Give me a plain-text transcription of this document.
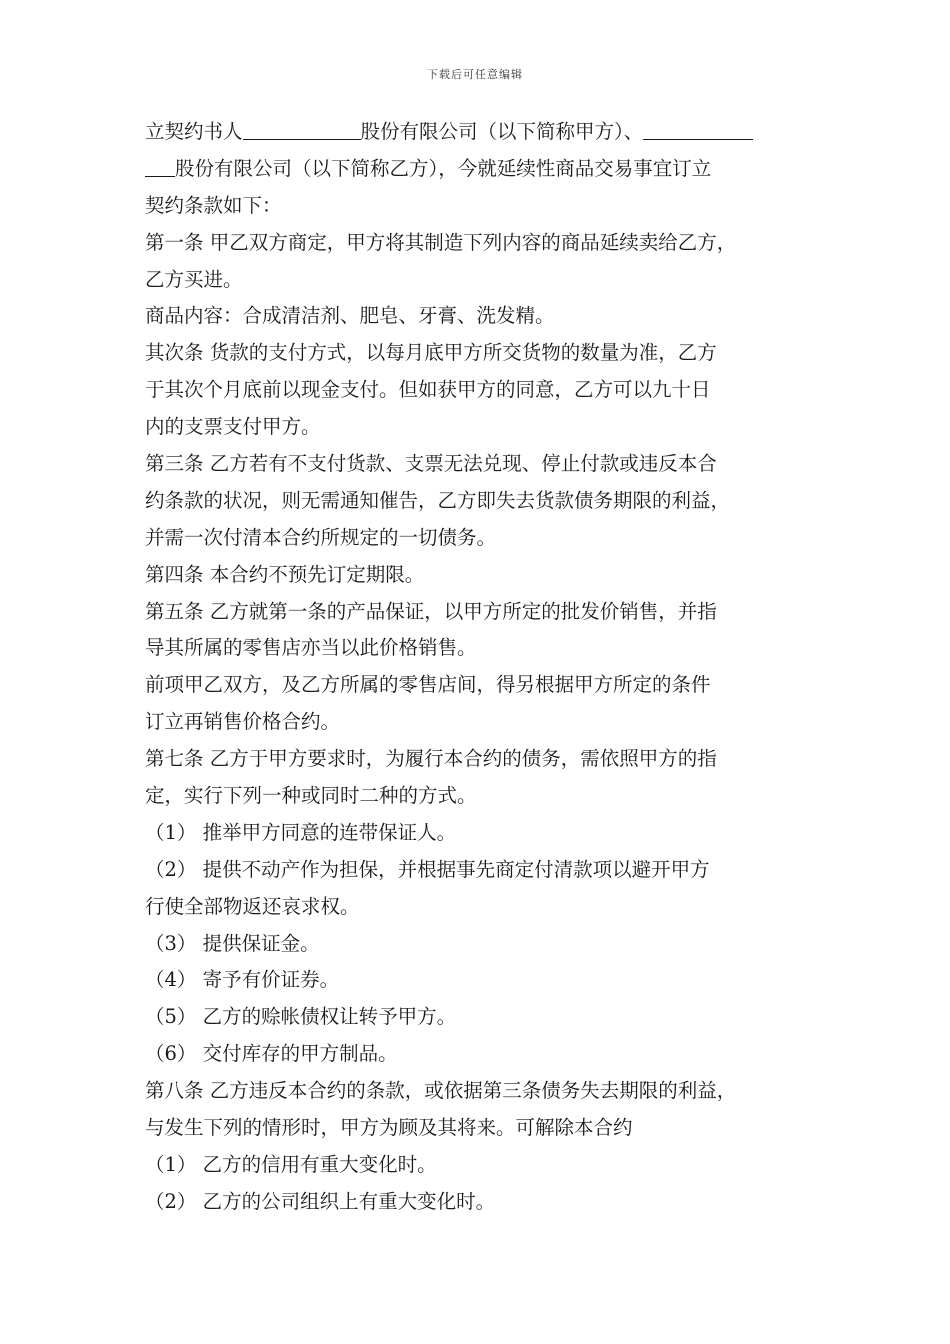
下载后可任意编辑
立契约书人	股份有限公司（以下简称甲方）、
股份有限公司（以下简称乙方），今就延续性商品交易事宜订立
契约条款如下：
第一条 甲乙双方商定，甲方将其制造下列内容的商品延续卖给乙方，
乙方买进。
商品内容：合成清洁剂、肥皂、牙膏、洗发精。
其次条 货款的支付方式，以每月底甲方所交货物的数量为准，乙方
于其次个月底前以现金支付。但如获甲方的同意，乙方可以九十日
内的支票支付甲方。
第三条 乙方若有不支付货款、支票无法兑现、停止付款或违反本合
约条款的状况，则无需通知催告，乙方即失去货款债务期限的利益，
并需一次付清本合约所规定的一切债务。
第四条 本合约不预先订定期限。
第五条 乙方就第一条的产品保证，以甲方所定的批发价销售，并指
导其所属的零售店亦当以此价格销售。
前项甲乙双方，及乙方所属的零售店间，得另根据甲方所定的条件
订立再销售价格合约。
第七条 乙方于甲方要求时，为履行本合约的债务，需依照甲方的指
定，实行下列一种或同时二种的方式。
（1） 推举甲方同意的连带保证人。
（2） 提供不动产作为担保，并根据事先商定付清款项以避开甲方
行使全部物返还哀求权。
（3） 提供保证金。
（4） 寄予有价证券。
（5） 乙方的赊帐债权让转予甲方。
（6） 交付库存的甲方制品。
第八条 乙方违反本合约的条款，或依据第三条债务失去期限的利益，
与发生下列的情形时，甲方为顾及其将来。可解除本合约
（1） 乙方的信用有重大变化时。
（2） 乙方的公司组织上有重大变化时。
